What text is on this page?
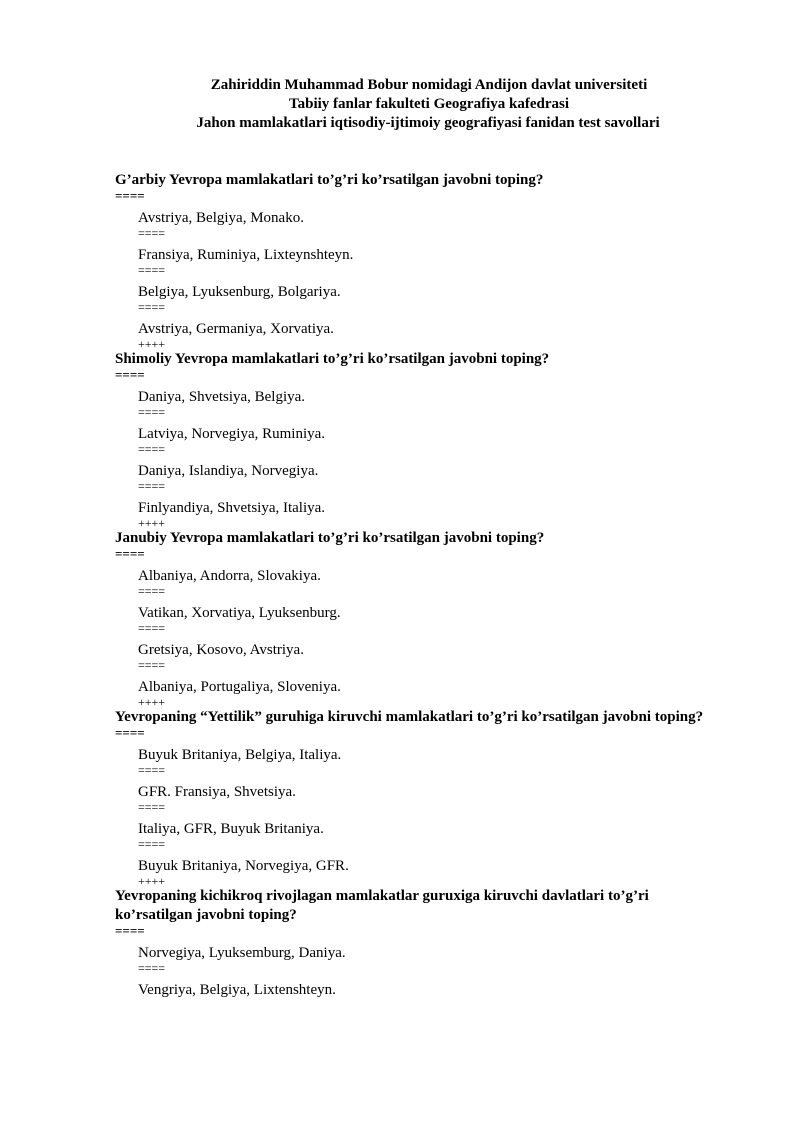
Zahiriddin Muhammad Bobur nomidagi Andijon davlat universiteti
Tabiiy fanlar fakulteti Geografiya kafedrasi
Jahon mamlakatlari iqtisodiy-ijtimoiy geografiyasi fanidan test savollari
G’arbiy Yevropa mamlakatlari to’g’ri ko’rsatilgan javobni toping?
====
Avstriya, Belgiya, Monako.
====
Fransiya, Ruminiya, Lixteynshteyn.
====
Belgiya, Lyuksenburg, Bolgariya.
====
Avstriya, Germaniya, Xorvatiya.
++++
Shimoliy Yevropa mamlakatlari to’g’ri ko’rsatilgan javobni toping?
====
Daniya, Shvetsiya, Belgiya.
====
Latviya, Norvegiya, Ruminiya.
====
Daniya, Islandiya, Norvegiya.
====
Finlyandiya, Shvetsiya, Italiya.
++++
Janubiy Yevropa mamlakatlari to’g’ri ko’rsatilgan javobni toping?
====
Albaniya, Andorra, Slovakiya.
====
Vatikan, Xorvatiya, Lyuksenburg.
====
Gretsiya, Kosovo, Avstriya.
====
Albaniya, Portugaliya, Sloveniya.
++++
Yevropaning “Yettilik” guruhiga kiruvchi mamlakatlari to’g’ri ko’rsatilgan javobni toping?
====
Buyuk Britaniya, Belgiya, Italiya.
====
GFR. Fransiya, Shvetsiya.
====
Italiya, GFR, Buyuk Britaniya.
====
Buyuk Britaniya, Norvegiya, GFR.
++++
Yevropaning kichikroq rivojlagan mamlakatlar guruxiga kiruvchi davlatlari to’g’ri ko’rsatilgan javobni toping?
====
Norvegiya, Lyuksemburg, Daniya.
====
Vengriya, Belgiya, Lixtenshteyn.
